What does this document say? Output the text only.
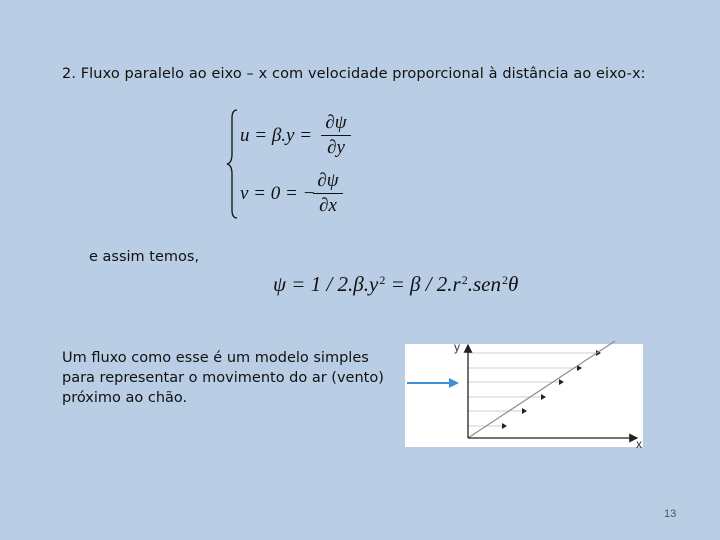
2. Fluxo paralelo ao eixo – x com velocidade proporcional à distância ao eixo-x:
u = β.y =
∂ψ
∂y
v = 0 = −
∂ψ
∂x
e assim temos,
$\psi = 1 / 2.\beta.y^2 = \beta / 2.r^2.sen^2\theta$
Um fluxo como esse é um modelo simples para representar o movimento do ar (vento) próximo ao chão.
y
x
13
